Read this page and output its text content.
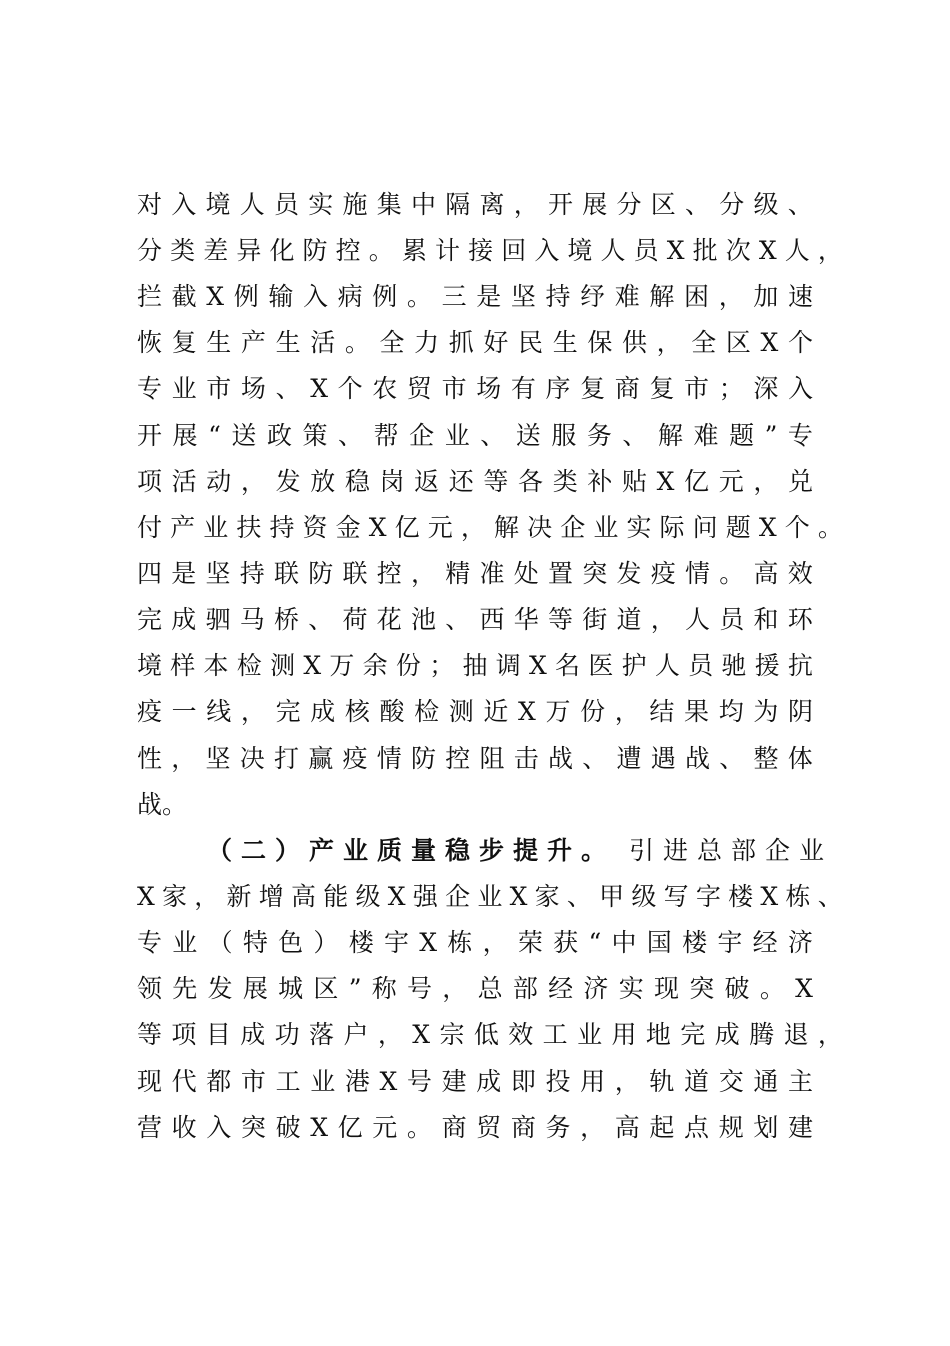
对 入 境 人 员 实 施 集 中 隔 离 ， 开 展 分 区 、 分 级 、
分 类 差 异 化 防 控 。 累 计 接 回 入 境 人 员 X 批 次 X 人 ，
拦 截 X 例 输 入 病 例 。 三 是 坚 持 纾 难 解 困 ， 加 速
恢 复 生 产 生 活 。 全 力 抓 好 民 生 保 供 ， 全 区 X 个
专 业 市 场 、 X 个 农 贸 市 场 有 序 复 商 复 市 ； 深 入
开 展 “ 送 政 策 、 帮 企 业 、 送 服 务 、 解 难 题 ” 专
项 活 动 ， 发 放 稳 岗 返 还 等 各 类 补 贴 X 亿 元 ， 兑
付 产 业 扶 持 资 金 X 亿 元 ， 解 决 企 业 实 际 问 题 X 个 。
四 是 坚 持 联 防 联 控 ， 精 准 处 置 突 发 疫 情 。 高 效
完 成 驷 马 桥 、 荷 花 池 、 西 华 等 街 道 ， 人 员 和 环
境 样 本 检 测 X 万 余 份 ； 抽 调 X 名 医 护 人 员 驰 援 抗
疫 一 线 ， 完 成 核 酸 检 测 近 X 万 份 ， 结 果 均 为 阴
性 ， 坚 决 打 赢 疫 情 防 控 阻 击 战 、 遭 遇 战 、 整 体
战 。
（二）产业质量稳步提升。 引进总部企业
X 家 ， 新 增 高 能 级 X 强 企 业 X 家 、 甲 级 写 字 楼 X 栋 、
专 业 （ 特 色 ） 楼 宇 X 栋 ， 荣 获 “ 中 国 楼 宇 经 济
领 先 发 展 城 区 ” 称 号 ， 总 部 经 济 实 现 突 破 。 X
等 项 目 成 功 落 户 ， X 宗 低 效 工 业 用 地 完 成 腾 退 ，
现 代 都 市 工 业 港 X 号 建 成 即 投 用 ， 轨 道 交 通 主
营 收 入 突 破 X 亿 元 。 商 贸 商 务 ， 高 起 点 规 划 建
